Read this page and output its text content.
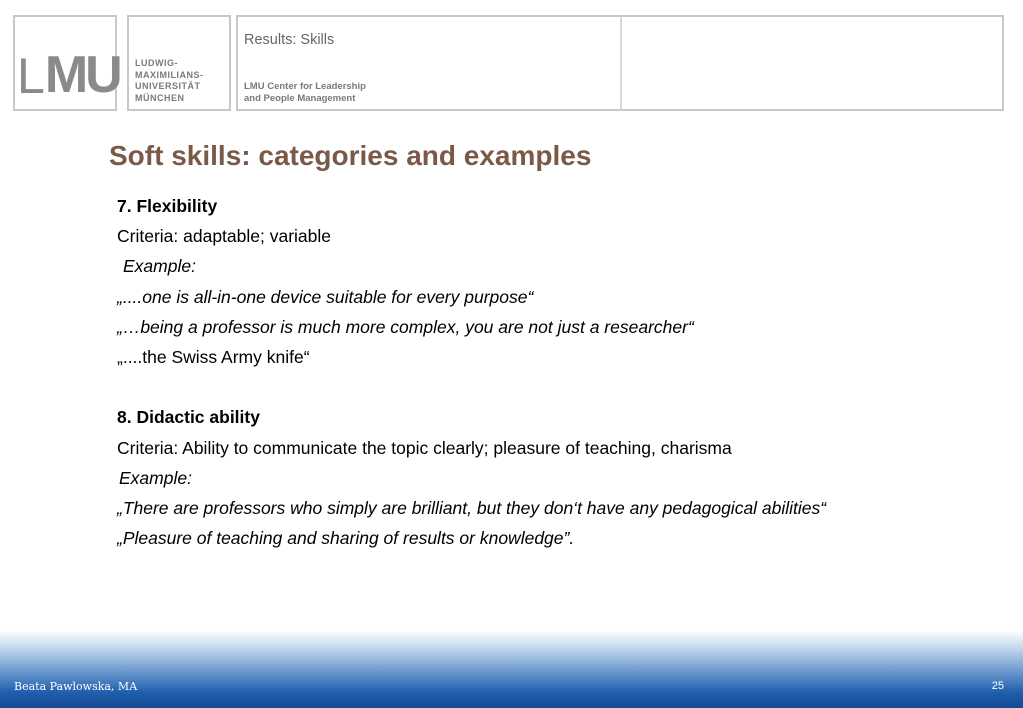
L MU LUDWIG-
MAXIMILIANS-
UNIVERSITÄT
MÜNCHEN
Results: Skills
LMU Center for Leadership
and People Management
Soft skills: categories and examples
7. Flexibility
Criteria: adaptable; variable
Example:
„....one is all-in-one device suitable for every purpose“
„…being a professor is much more complex, you are not just a researcher“
„....the Swiss Army knife“
8. Didactic ability
Criteria: Ability to communicate the topic clearly; pleasure of teaching, charisma
Example:
„There are professors who simply are brilliant, but they don‘t have any pedagogical abilities“
„Pleasure of teaching and sharing of results or knowledge”.
Beata Pawlowska, MA	25
